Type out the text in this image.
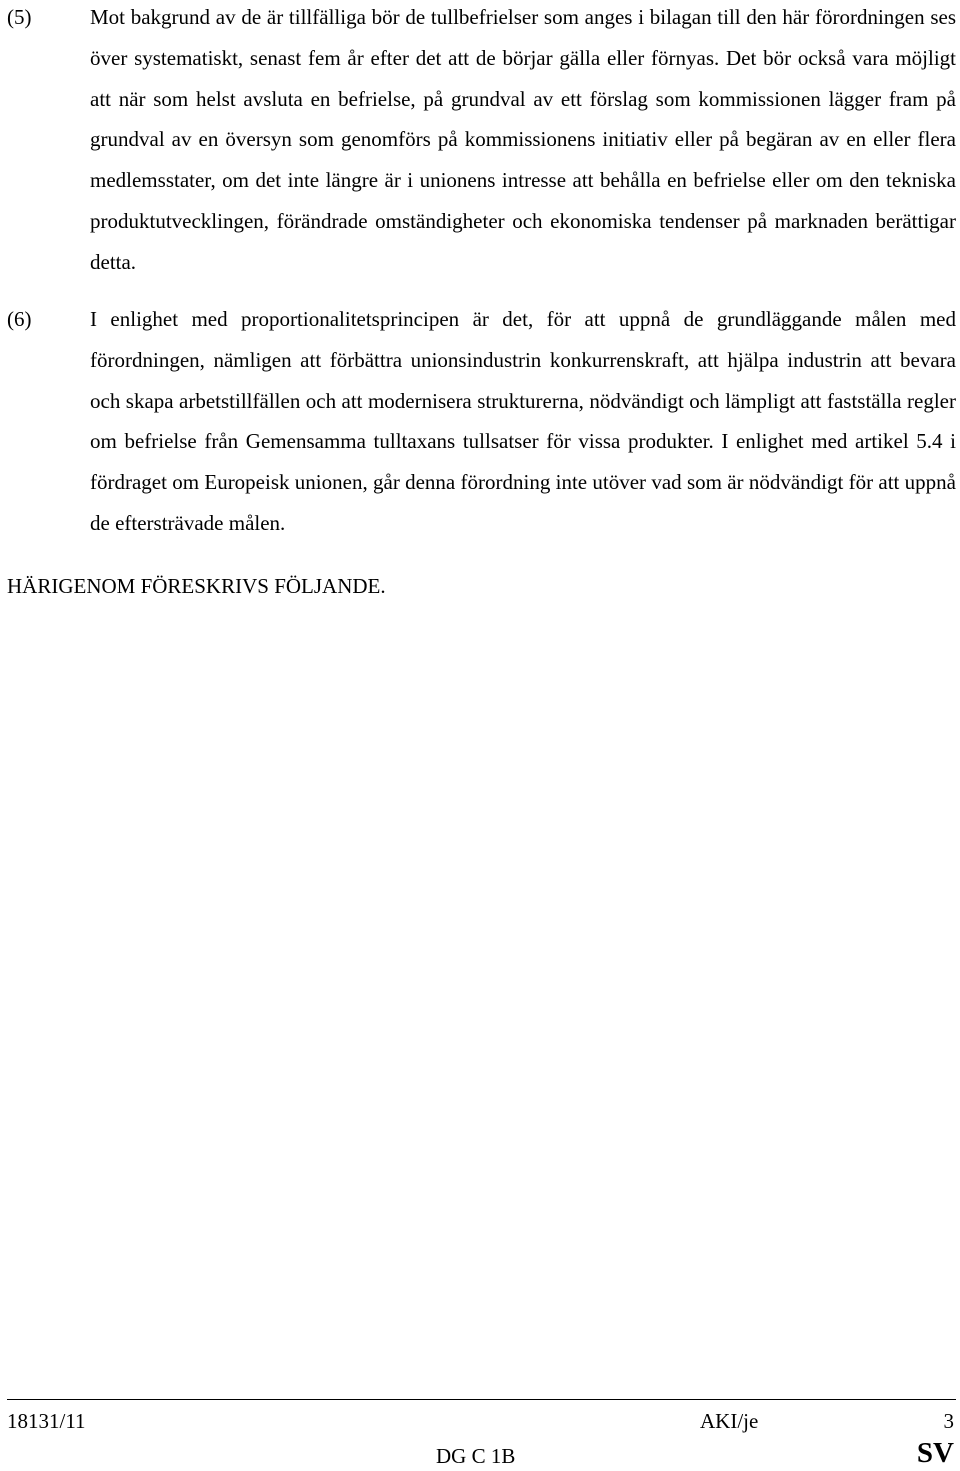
(5)	Mot bakgrund av de är tillfälliga bör de tullbefrielser som anges i bilagan till den här förordningen ses över systematiskt, senast fem år efter det att de börjar gälla eller förnyas. Det bör också vara möjligt att när som helst avsluta en befrielse, på grundval av ett förslag som kommissionen lägger fram på grundval av en översyn som genomförs på kommissionens initiativ eller på begäran av en eller flera medlemsstater, om det inte längre är i unionens intresse att behålla en befrielse eller om den tekniska produktutvecklingen, förändrade omständigheter och ekonomiska tendenser på marknaden berättigar detta.
(6)	I enlighet med proportionalitetsprincipen är det, för att uppnå de grundläggande målen med förordningen, nämligen att förbättra unionsindustrin konkurrenskraft, att hjälpa industrin att bevara och skapa arbetstillfällen och att modernisera strukturerna, nödvändigt och lämpligt att fastställa regler om befrielse från Gemensamma tulltaxans tullsatser för vissa produkter. I enlighet med artikel 5.4 i fördraget om Europeisk unionen, går denna förordning inte utöver vad som är nödvändigt för att uppnå de eftersträvade målen.
HÄRIGENOM FÖRESKRIVS FÖLJANDE.
18131/11	AKI/je	3
DG C 1B	SV
